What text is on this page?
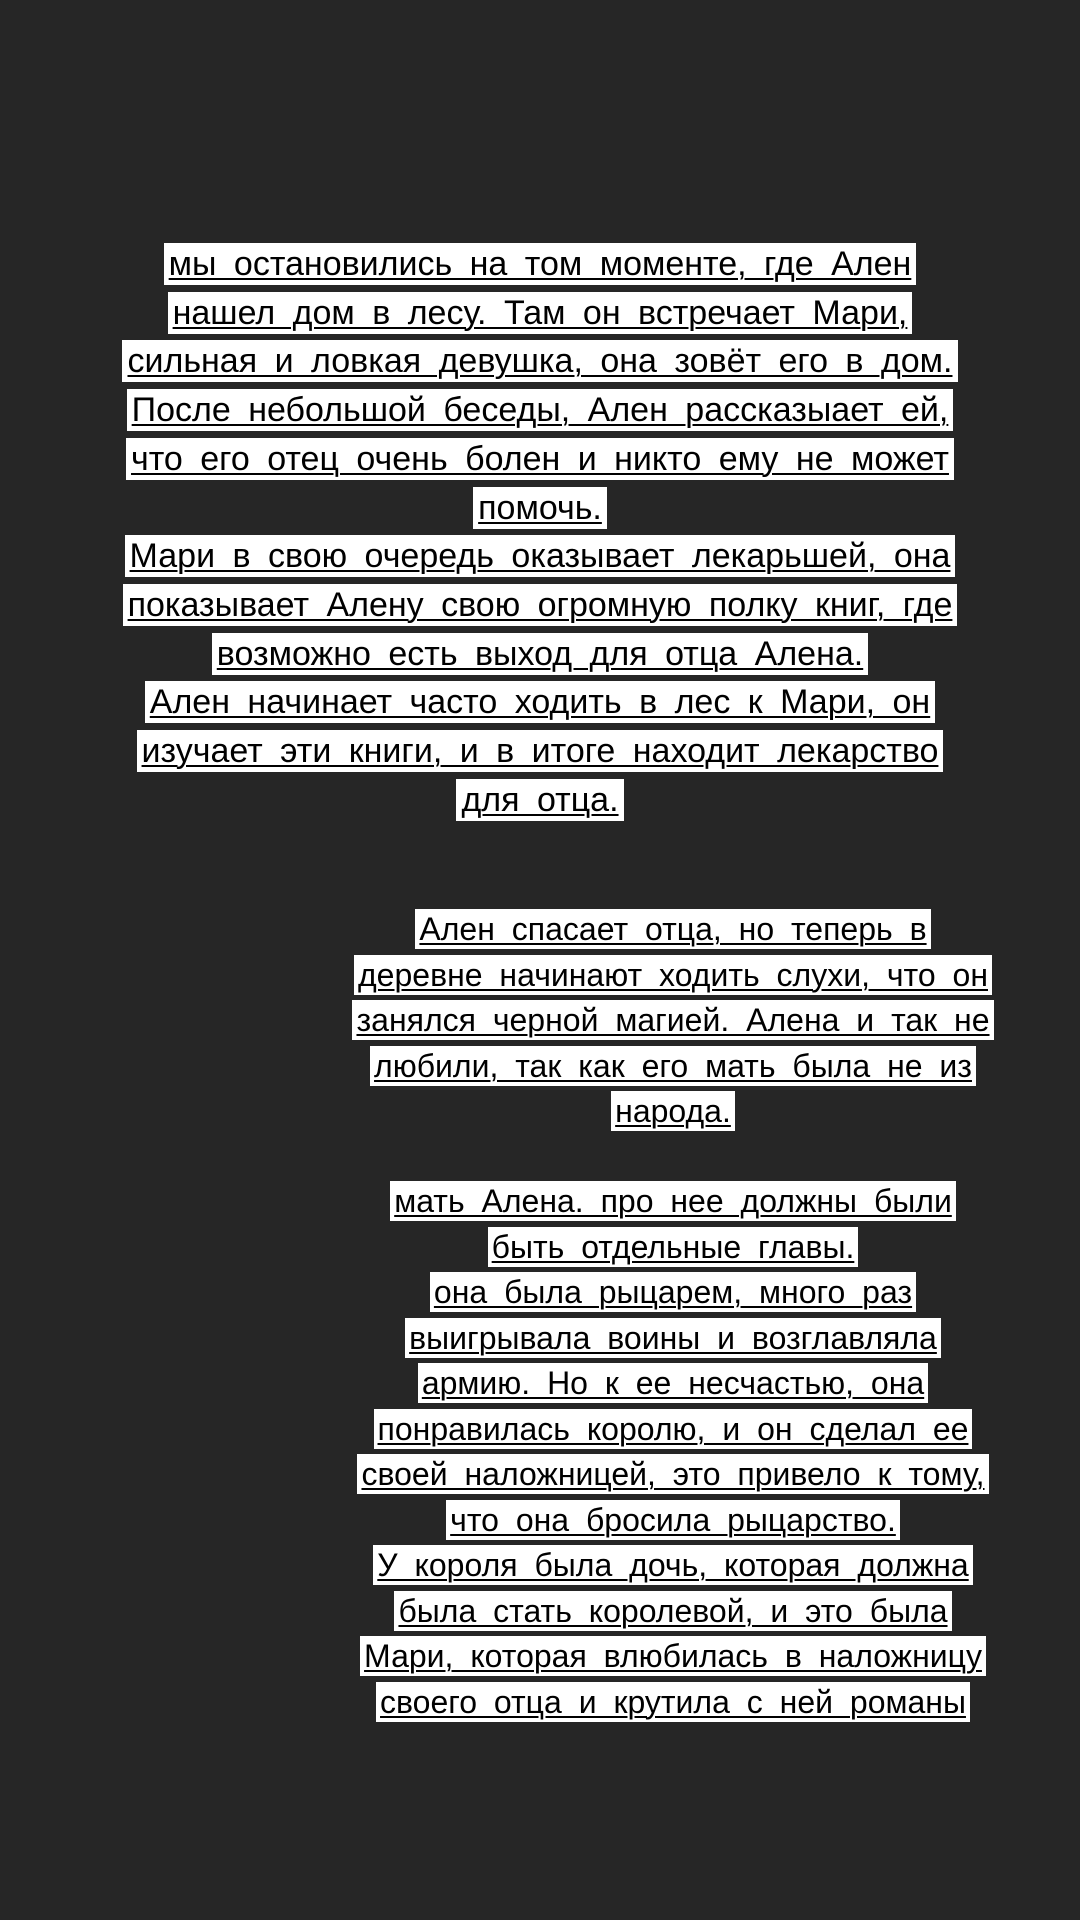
мы остановились на том моменте, где Ален

нашел дом в лесу. Там он встречает Мари,

сильная и ловкая девушка, она зовёт его в дом.

После небольшой беседы, Ален рассказыает ей,

что его отец очень болен и никто ему не может

помочь.

Мари в свою очередь оказывает лекарьшей, она

показывает Алену свою огромную полку книг, где

возможно есть выход для отца Алена.

Ален начинает часто ходить в лес к Мари, он

изучает эти книги, и в итоге находит лекарство

для отца.

Ален спасает отца, но теперь в

деревне начинают ходить слухи, что он

занялся черной магией. Алена и так не

любили, так как его мать была не из

народа.

мать Алена. про нее должны были

быть отдельные главы.

она была рыцарем, много раз

выигрывала воины и возглавляла

армию. Но к ее несчастью, она

понравилась королю, и он сделал ее

своей наложницей, это привело к тому,

что она бросила рыцарство.

У короля была дочь, которая должна

была стать королевой, и это была

Мари, которая влюбилась в наложницу

своего отца и крутила с ней романы
